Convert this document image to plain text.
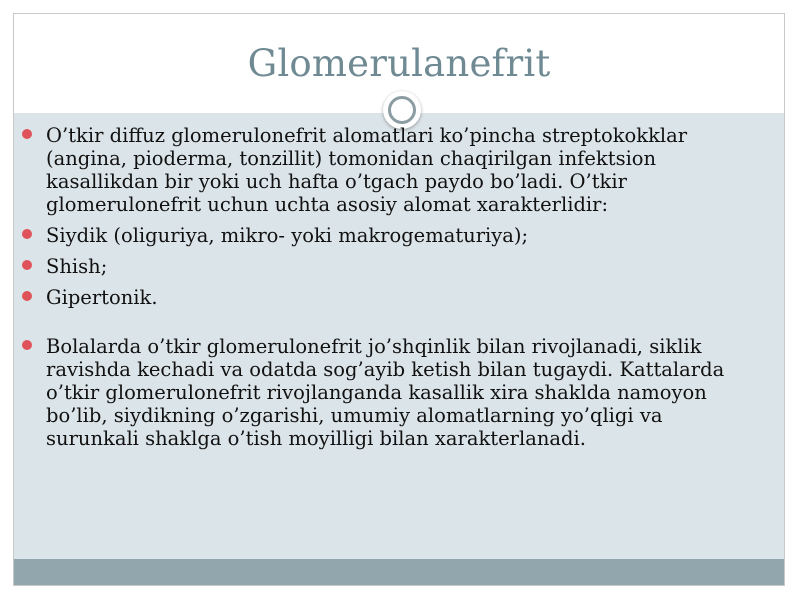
Glomerulanefrit
O’tkir diffuz glomerulonefrit alomatlari ko’pincha streptokokklar (angina, pioderma, tonzillit) tomonidan chaqirilgan infektsion kasallikdan bir yoki uch hafta o’tgach paydo bo’ladi. O’tkir glomerulonefrit uchun uchta asosiy alomat xarakterlidir:
Siydik (oliguriya, mikro- yoki makrogematuriya);
Shish;
Gipertonik.
Bolalarda o’tkir glomerulonefrit jo’shqinlik bilan rivojlanadi, siklik ravishda kechadi va odatda sog’ayib ketish bilan tugaydi. Kattalarda o’tkir glomerulonefrit rivojlanganda kasallik xira shaklda namoyon bo’lib, siydikning o’zgarishi, umumiy alomatlarning yo’qligi va surunkali shaklga o’tish moyilligi bilan xarakterlanadi.
